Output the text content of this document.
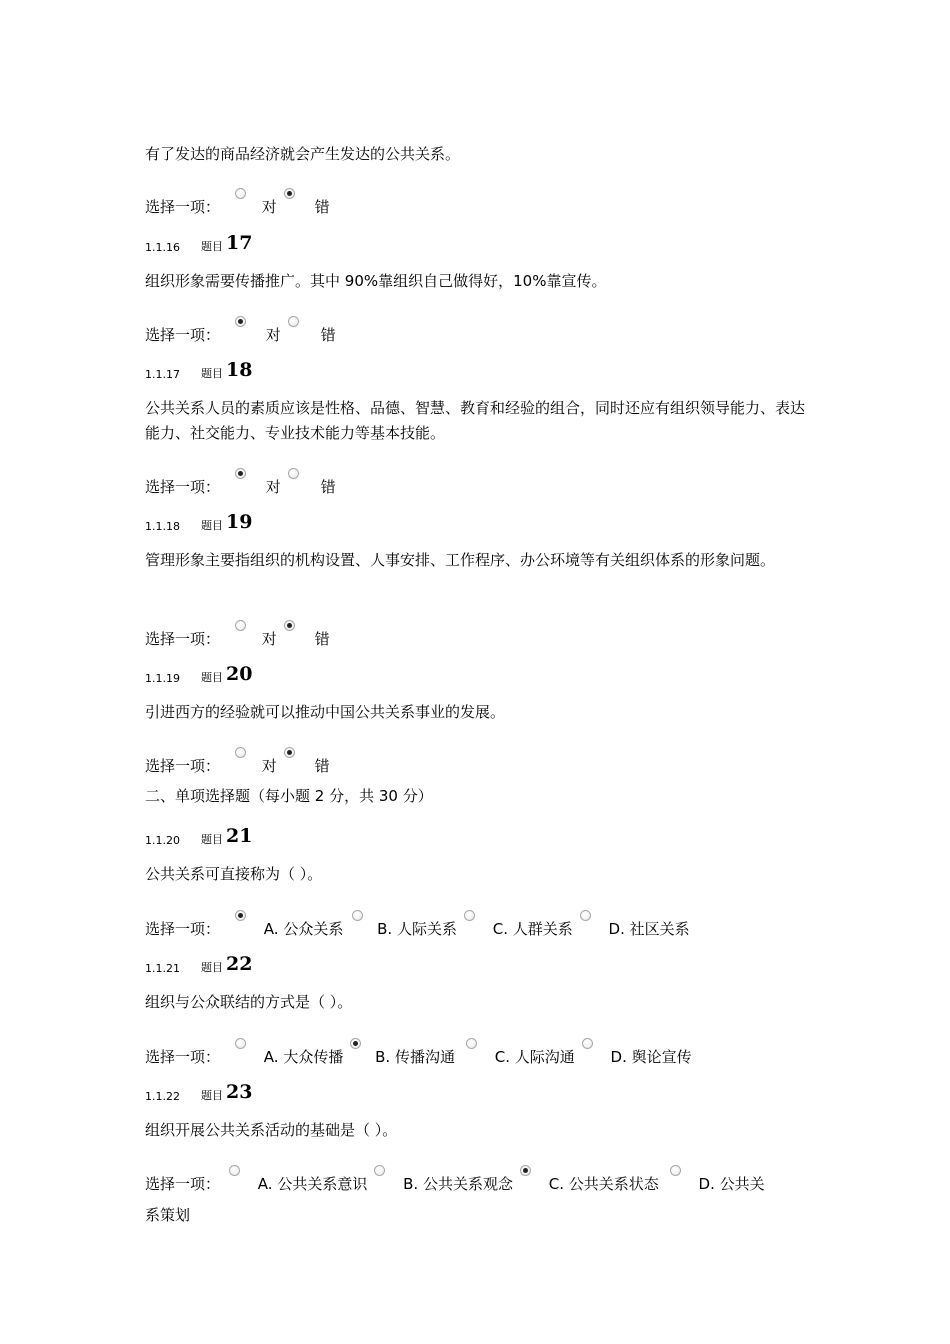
有了发达的商品经济就会产生发达的公共关系。
选择一项：	对	错
1.1.16 题目 17
组织形象需要传播推广。其中 90%靠组织自己做得好，10%靠宣传。
选择一项：	对	错
1.1.17 题目 18
公共关系人员的素质应该是性格、品德、智慧、教育和经验的组合，同时还应有组织领导能力、表达能力、社交能力、专业技术能力等基本技能。
选择一项：	对	错
1.1.18 题目 19
管理形象主要指组织的机构设置、人事安排、工作程序、办公环境等有关组织体系的形象问题。
选择一项：	对	错
1.1.19 题目 20
引进西方的经验就可以推动中国公共关系事业的发展。
选择一项：	对	错
二、单项选择题（每小题 2 分，共 30 分）
1.1.20 题目 21
公共关系可直接称为（ ）。
选择一项：	A. 公众关系 B. 人际关系 C. 人群关系 D. 社区关系
1.1.21 题目 22
组织与公众联结的方式是（ ）。
选择一项：	A. 大众传播 B. 传播沟通	C. 人际沟通 D. 舆论宣传
1.1.22 题目 23
组织开展公共关系活动的基础是（ ）。
选择一项：	A. 公共关系意识 B. 公共关系观念 C. 公共关系状态	D. 公共关
系策划
